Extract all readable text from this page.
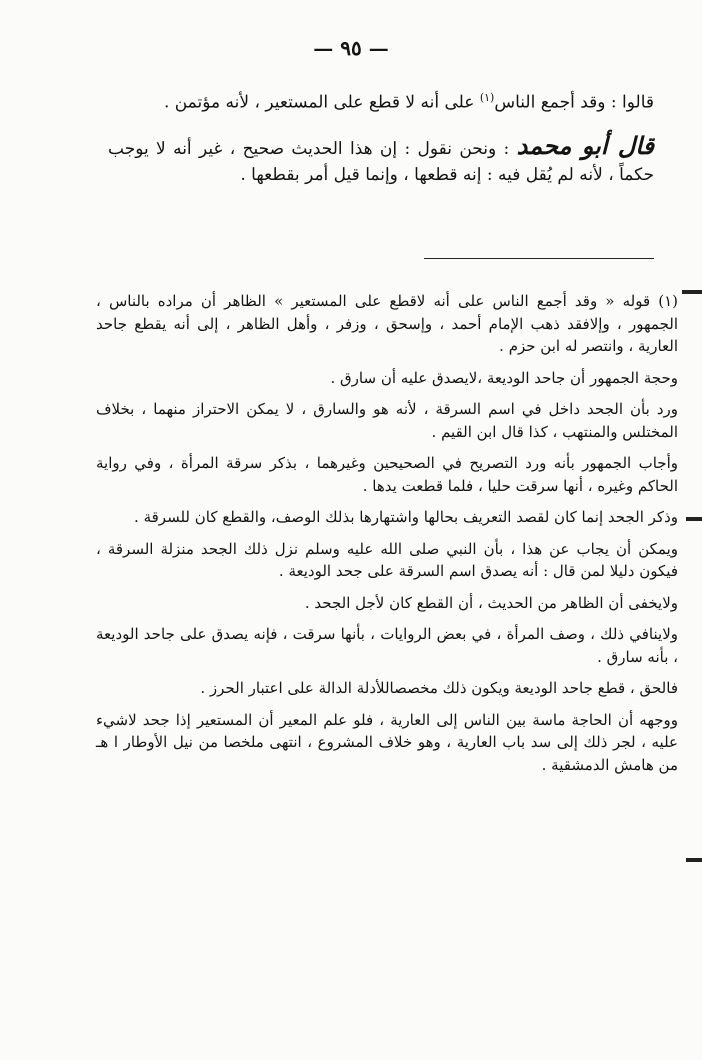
— ٩٥ —

قالوا : وقد أجمع الناس$^{(١)}$ على أنه لا قطع على المستعير ، لأنه مؤتمن .

قال أبو محمد : ونحن نقول : إن هذا الحديث صحيح ، غير أنه لا يوجب حكماً ، لأنه لم يُقل فيه : إنه قطعها ، وإنما قيل أمر بقطعها .

(١) قوله « وقد أجمع الناس على أنه لاقطع على المستعير » الظاهر أن مراده بالناس ، الجمهور ، وإلافقد ذهب الإمام أحمد ، وإسحق ، وزفر ، وأهل الظاهر ، إلى أنه يقطع جاحد العارية ، وانتصر له ابن حزم .

وحجة الجمهور أن جاحد الوديعة ،لايصدق عليه أن سارق .

ورد بأن الجحد داخل في اسم السرقة ، لأنه هو والسارق ، لا يمكن الاحتراز منهما ، بخلاف المختلس والمنتهب ، كذا قال ابن القيم .

وأجاب الجمهور بأنه ورد التصريح في الصحيحين وغيرهما ، بذكر سرقة المرأة ، وفي رواية الحاكم وغيره ، أنها سرقت حليا ، فلما قطعت يدها .

وذكر الجحد إنما كان لقصد التعريف بحالها واشتهارها بذلك الوصف، والقطع كان للسرقة .

ويمكن أن يجاب عن هذا ، بأن النبي صلى الله عليه وسلم نزل ذلك الجحد منزلة السرقة ، فيكون دليلا لمن قال : أنه يصدق اسم السرقة على جحد الوديعة .

ولايخفى أن الظاهر من الحديث ، أن القطع كان لأجل الجحد .

ولاينافي ذلك ، وصف المرأة ، في بعض الروايات ، بأنها سرقت ، فإنه يصدق على جاحد الوديعة ، بأنه سارق .

فالحق ، قطع جاحد الوديعة ويكون ذلك مخصصاللأدلة الدالة على اعتبار الحرز .

ووجهه أن الحاجة ماسة بين الناس إلى العارية ، فلو علم المعير أن المستعير إذا جحد لاشيء عليه ، لجر ذلك إلى سد باب العارية ، وهو خلاف المشروع ، انتهى ملخصا من نيل الأوطار ا هـ من هامش الدمشقية .
